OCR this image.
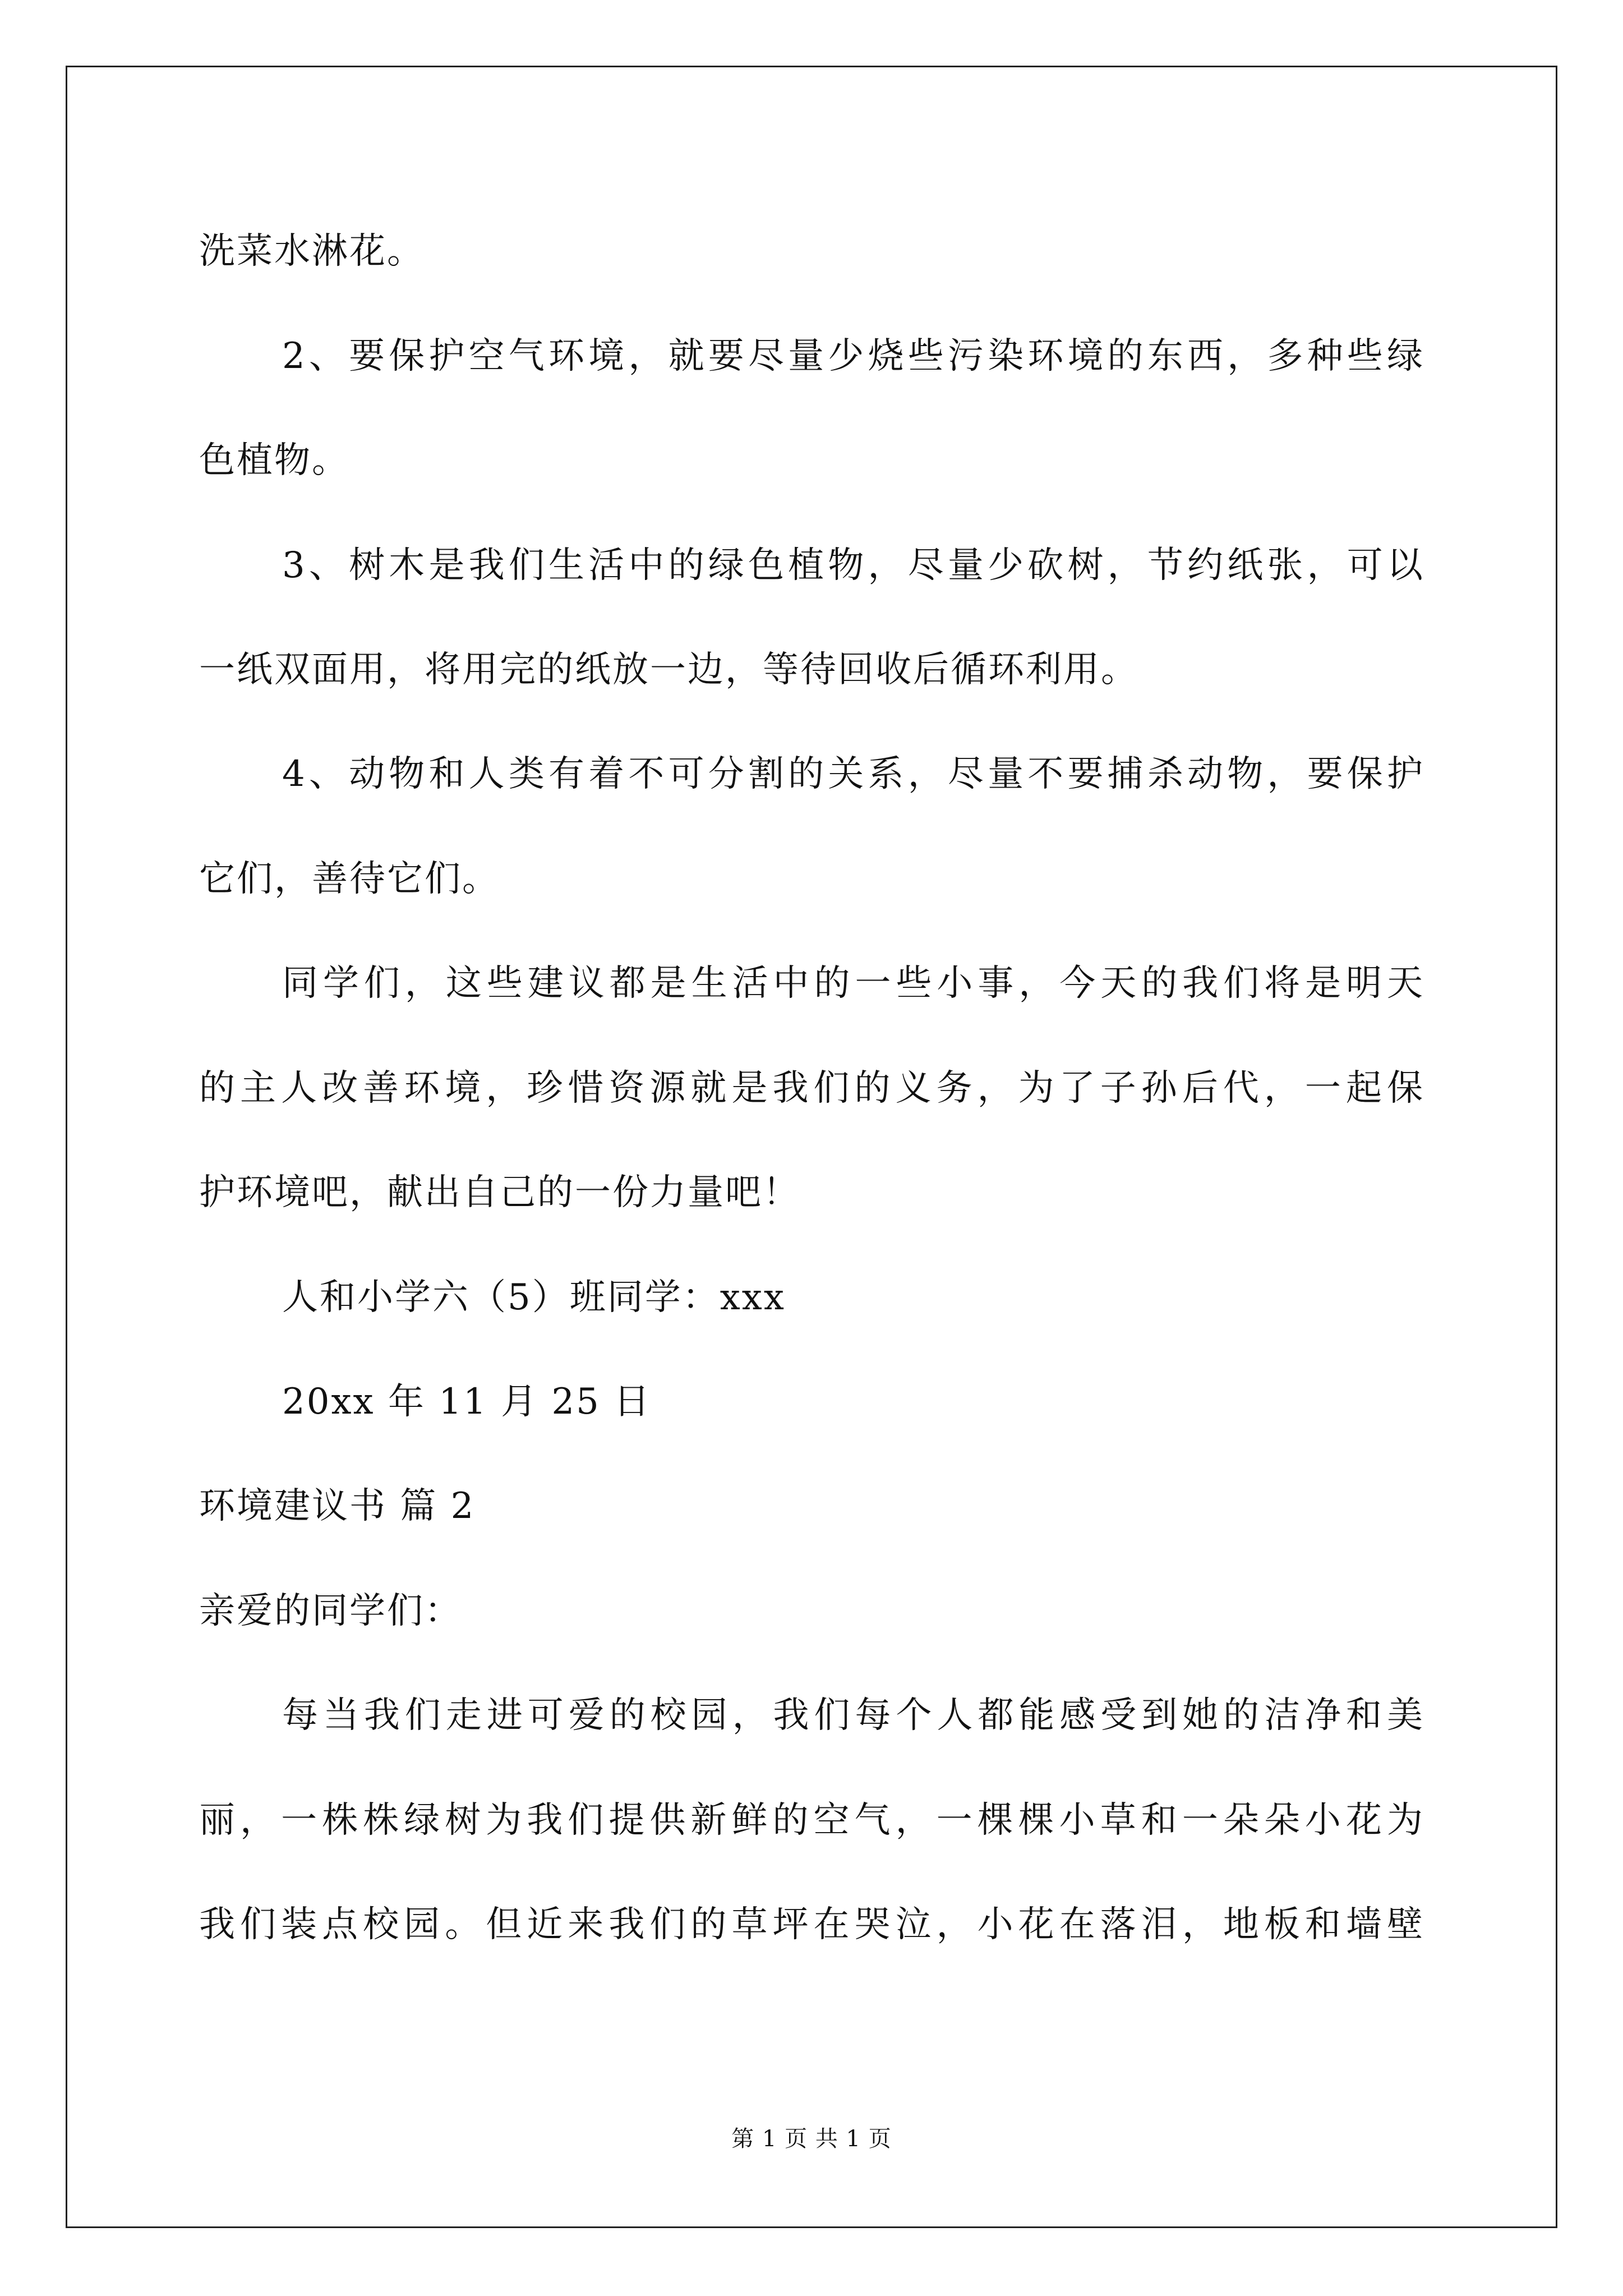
洗菜水淋花。
2、要保护空气环境，就要尽量少烧些污染环境的东西，多种些绿
色植物。
3、树木是我们生活中的绿色植物，尽量少砍树，节约纸张，可以
一纸双面用，将用完的纸放一边，等待回收后循环利用。
4、动物和人类有着不可分割的关系，尽量不要捕杀动物，要保护
它们，善待它们。
同学们，这些建议都是生活中的一些小事，今天的我们将是明天
的主人改善环境，珍惜资源就是我们的义务，为了子孙后代，一起保
护环境吧，献出自己的一份力量吧！
人和小学六（5）班同学：xxx
20xx 年 11 月 25 日
环境建议书 篇 2
亲爱的同学们：
每当我们走进可爱的校园，我们每个人都能感受到她的洁净和美
丽，一株株绿树为我们提供新鲜的空气，一棵棵小草和一朵朵小花为
我们装点校园。但近来我们的草坪在哭泣，小花在落泪，地板和墙壁
第 1 页 共 1 页
